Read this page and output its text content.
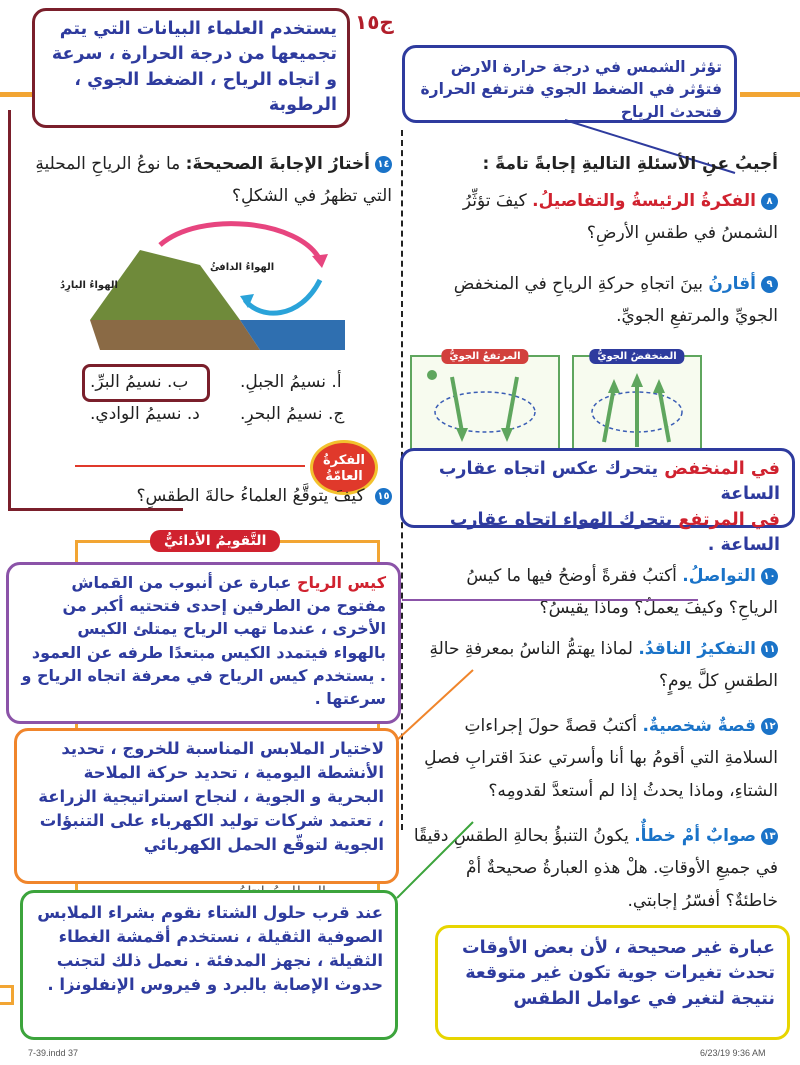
يستخدم العلماء البيانات التي يتم تجميعها من درجة الحرارة ، سرعة و اتجاه الرياح ، الضغط الجوي ، الرطوبة
ج١٥
تؤثر الشمس في درجة حرارة الارض فتؤثر في الضغط الجوي فترتفع الحرارة فتحدث الرياح
أجيبُ عنِ الأسئلةِ التاليةِ إجابةً تامةً :
٨الفكرةُ الرئيسةُ والتفاصيلُ. كيفَ تؤثِّرُ الشمسُ في طقسِ الأرضِ؟
٩أقارنُ بينَ اتجاهِ حركةِ الرياحِ في المنخفضِ الجويِّ والمرتفعِ الجويِّ.
المنخفضُ الجويُّ
المرتفعُ الجويُّ
في المنخفض يتحرك عكس اتجاه عقارب الساعة
في المرتفع يتحرك الهواء اتجاه عقارب الساعة .
١٠التواصلُ. أكتبُ فقرةً أوضحُ فيها ما كيسُ الرياحِ؟ وكيفَ يعملُ؟ وماذا يقيسُ؟
١١التفكيرُ الناقدُ. لماذا يهتمُّ الناسُ بمعرفةِ حالةِ الطقسِ كلَّ يومٍ؟
١٢قصةٌ شخصيةٌ. أكتبُ قصةً حولَ إجراءاتِ السلامةِ التي أقومُ بها أنا وأسرتي عندَ اقترابِ فصلِ الشتاءِ، وماذا يحدثُ إذا لم أستعدَّ لقدومِه؟
١٣صوابٌ أمْ خطأٌ. يكونُ التنبؤُ بحالةِ الطقسِ دقيقًا في جميعِ الأوقاتِ. هلْ هذهِ العبارةُ صحيحةٌ أمْ خاطئةٌ؟ أفسّرُ إجابتي.
عبارة غير صحيحة ، لأن بعض الأوقات تحدث تغيرات جوية تكون غير متوقعة نتيجة لتغير في عوامل الطقس
١٤أختارُ الإجابةَ الصحيحةَ: ما نوعُ الرياحِ المحليةِ التي تظهرُ في الشكلِ؟
الهواءُ الدافئُ
الهواءُ البارِدُ
أ. نسيمُ الجبلِ.
ب. نسيمُ البرِّ.
ج. نسيمُ البحرِ.
د. نسيمُ الوادي.
الفكرةُ العامّةُ
١٥ كيفَ يتوقَّعُ العلماءُ حالةَ الطقسِ؟
التَّقويمُ الأدائيُّ
كيس الرياح عبارة عن أنبوب من القماش مفتوح من الطرفين إحدى فتحتيه أكبر من الأخرى ، عندما تهب الرياح يمتلئ الكيس بالهواء فيتمدد الكيس مبتعدًا طرفه عن العمود . يستخدم كيس الرياح في معرفة اتجاه الرياح و سرعتها .
لاختيار الملابس المناسبة للخروج ، تحديد الأنشطة اليومية ، تحديد حركة الملاحة البحرية و الجوية ، لنجاح استراتيجية الزراعة ، تعتمد شركات توليد الكهرباء على التنبؤات الجوية لتوقّع الحمل الكهربائي
عند قرب حلول الشتاء نقوم بشراء الملابس الصوفية الثقيلة ، نستخدم أقمشة الغطاء الثقيلة ، نجهز المدفئة . نعمل ذلك لتجنب حدوث الإصابة بالبرد و فيروس الإنفلونزا .
7-39.indd 37	6/23/19 9:36 AM
